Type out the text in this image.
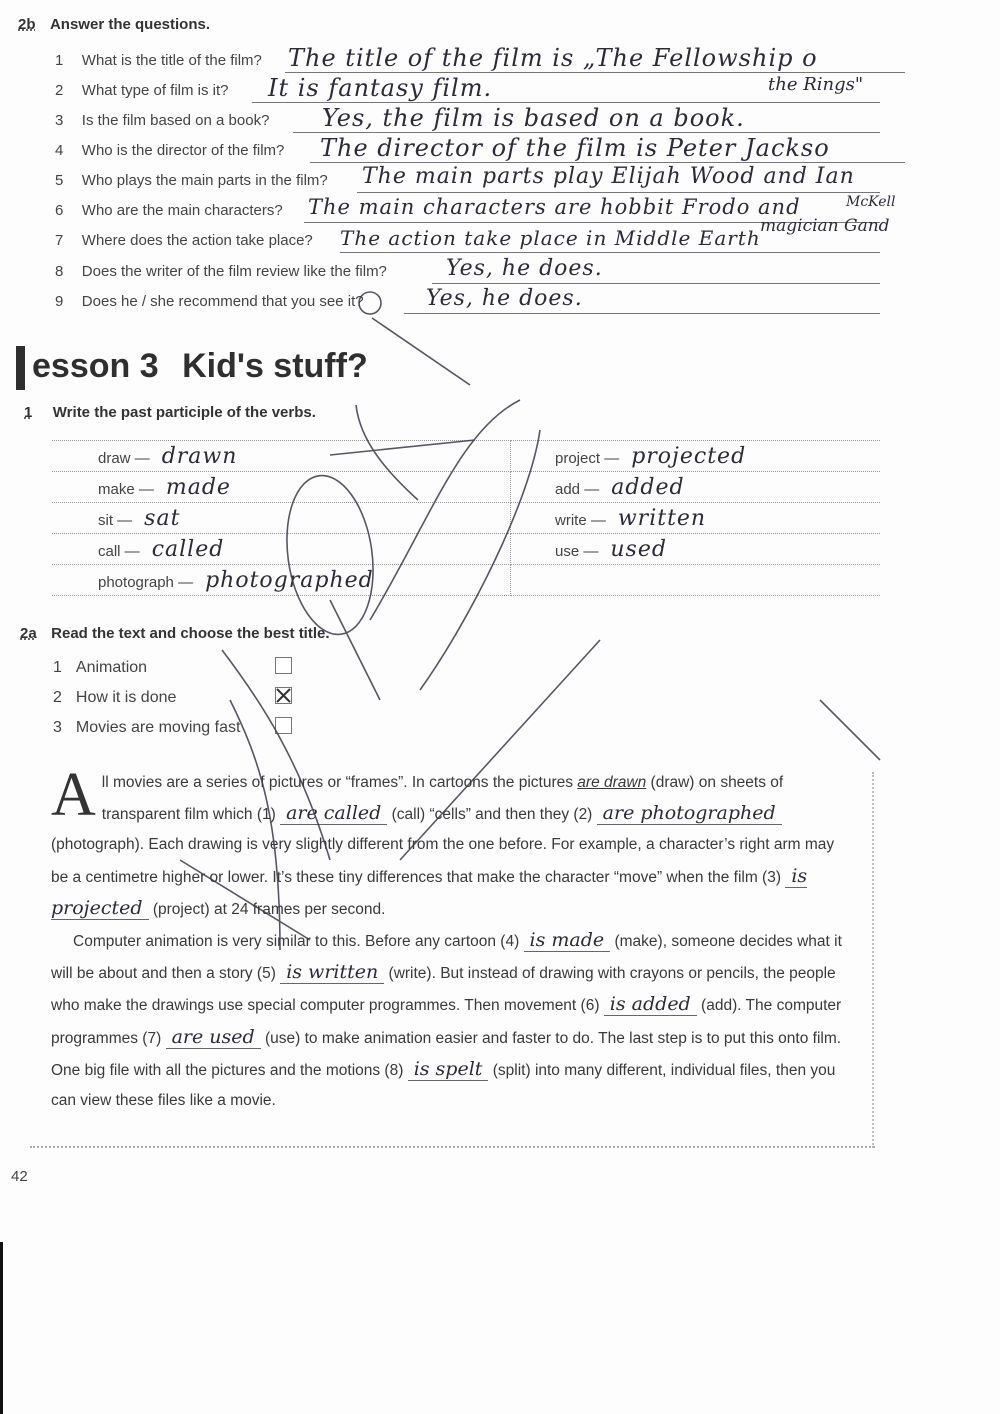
2b Answer the questions.
1 What is the title of the film? The title of the film is „The Fellowship o
the Rings"
2 What type of film is it? It is fantasy film.
3 Is the film based on a book? Yes, the film is based on a book.
4 Who is the director of the film? The director of the film is Peter Jackso
5 Who plays the main parts in the film? The main parts play Elijah Wood and Ian
McKell
6 Who are the main characters? The main characters are hobbit Frodo and
magician Gand
7 Where does the action take place? The action take place in Middle Earth
8 Does the writer of the film review like the film?	Yes, he does.
9 Does he / she recommend that you see it?	Yes, he does.
esson 3 Kid's stuff?
1 Write the past participle of the verbs.
draw — drawn	project — projected
make — made	add — added
sit — sat	write — written
call — called	use — used
photograph — photographed	
2a Read the text and choose the best title.
1 Animation
2 How it is done
3 Movies are moving fast
All movies are a series of pictures or “frames”. In cartoons the pictures are drawn (draw) on sheets of transparent film which (1) are called (call) “cells” and then they (2) are photographed (photograph). Each drawing is very slightly different from the one before. For example, a character’s right arm may be a centimetre higher or lower. It’s these tiny differences that make the character “move” when the film (3) is projected (project) at 24 frames per second.
Computer animation is very similar to this. Before any cartoon (4) is made (make), someone decides what it will be about and then a story (5) is written (write). But instead of drawing with crayons or pencils, the people who make the drawings use special computer programmes. Then movement (6) is added (add). The computer programmes (7) are used (use) to make animation easier and faster to do. The last step is to put this onto film. One big file with all the pictures and the motions (8) is spelt (split) into many different, individual files, then you can view these files like a movie.
42
